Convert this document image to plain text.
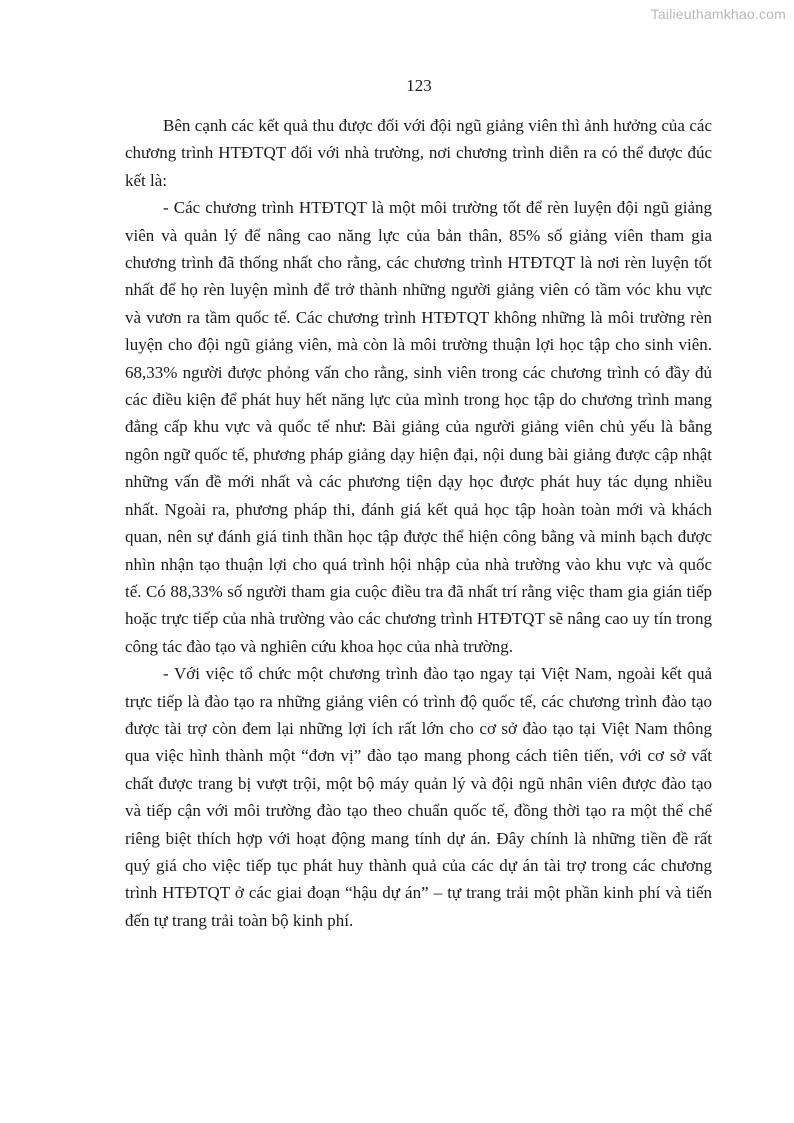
Tailieuthamkhao.com
123

Bên cạnh các kết quả thu được đối với đội ngũ giảng viên thì ảnh hưởng của các chương trình HTĐTQT đối với nhà trường, nơi chương trình diễn ra có thể được đúc kết là:

- Các chương trình HTĐTQT là một môi trường tốt để rèn luyện đội ngũ giảng viên và quản lý để nâng cao năng lực của bản thân, 85% số giảng viên tham gia chương trình đã thống nhất cho rằng, các chương trình HTĐTQT là nơi rèn luyện tốt nhất để họ rèn luyện mình để trở thành những người giảng viên có tầm vóc khu vực và vươn ra tầm quốc tế. Các chương trình HTĐTQT không những là môi trường rèn luyện cho đội ngũ giảng viên, mà còn là môi trường thuận lợi học tập cho sinh viên. 68,33% người được phỏng vấn cho rằng, sinh viên trong các chương trình có đầy đủ các điều kiện để phát huy hết năng lực của mình trong học tập do chương trình mang đẳng cấp khu vực và quốc tế như: Bài giảng của người giảng viên chủ yếu là bằng ngôn ngữ quốc tế, phương pháp giảng dạy hiện đại, nội dung bài giảng được cập nhật những vấn đề mới nhất và các phương tiện dạy học được phát huy tác dụng nhiều nhất. Ngoài ra, phương pháp thi, đánh giá kết quả học tập hoàn toàn mới và khách quan, nên sự đánh giá tinh thần học tập được thể hiện công bằng và minh bạch được nhìn nhận tạo thuận lợi cho quá trình hội nhập của nhà trường vào khu vực và quốc tế. Có 88,33% số người tham gia cuộc điều tra đã nhất trí rằng việc tham gia gián tiếp hoặc trực tiếp của nhà trường vào các chương trình HTĐTQT sẽ nâng cao uy tín trong công tác đào tạo và nghiên cứu khoa học của nhà trường.

- Với việc tổ chức một chương trình đào tạo ngay tại Việt Nam, ngoài kết quả trực tiếp là đào tạo ra những giảng viên có trình độ quốc tế, các chương trình đào tạo được tài trợ còn đem lại những lợi ích rất lớn cho cơ sở đào tạo tại Việt Nam thông qua việc hình thành một “đơn vị” đào tạo mang phong cách tiên tiến, với cơ sở vất chất được trang bị vượt trội, một bộ máy quản lý và đội ngũ nhân viên được đào tạo và tiếp cận với môi trường đào tạo theo chuẩn quốc tế, đồng thời tạo ra một thể chế riêng biệt thích hợp với hoạt động mang tính dự án. Đây chính là những tiền đề rất quý giá cho việc tiếp tục phát huy thành quả của các dự án tài trợ trong các chương trình HTĐTQT ở các giai đoạn “hậu dự án” – tự trang trải một phần kinh phí và tiến đến tự trang trải toàn bộ kinh phí.
